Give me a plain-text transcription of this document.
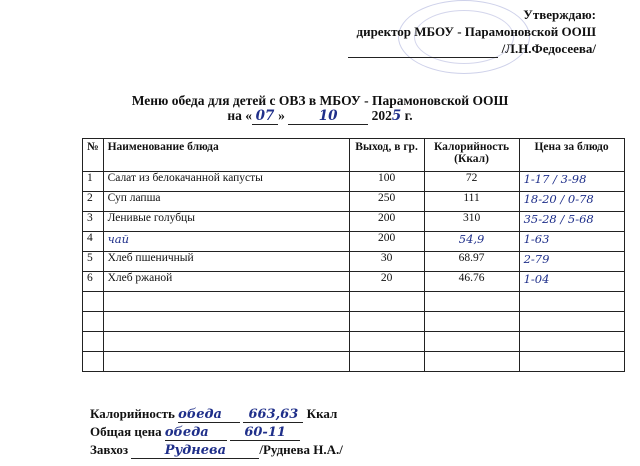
Утверждаю:
директор МБОУ - Парамоновской ООШ
/Л.Н.Федосеева/
Меню обеда для детей с ОВЗ в МБОУ - Парамоновской ООШ
на « 07 »	10	2025 г.
№	Наименование блюда	Выход, в гр.	Калорийность (Ккал)	Цена за блюдо
1	Салат из белокачанной капусты	100	72	1-17 / 3-98
2	Суп лапша	250	111	18-20 / 0-78
3	Ленивые голубцы	200	310	35-28 / 5-68
4	чай	200	54,9	1-63
5	Хлеб пшеничный	30	68.97	2-79
6	Хлеб ржаной	20	46.76	1-04

Калорийность обеда 663,63 Ккал
Общая цена обеда	60-11
Завхоз	Руднева	/Руднева Н.А./
